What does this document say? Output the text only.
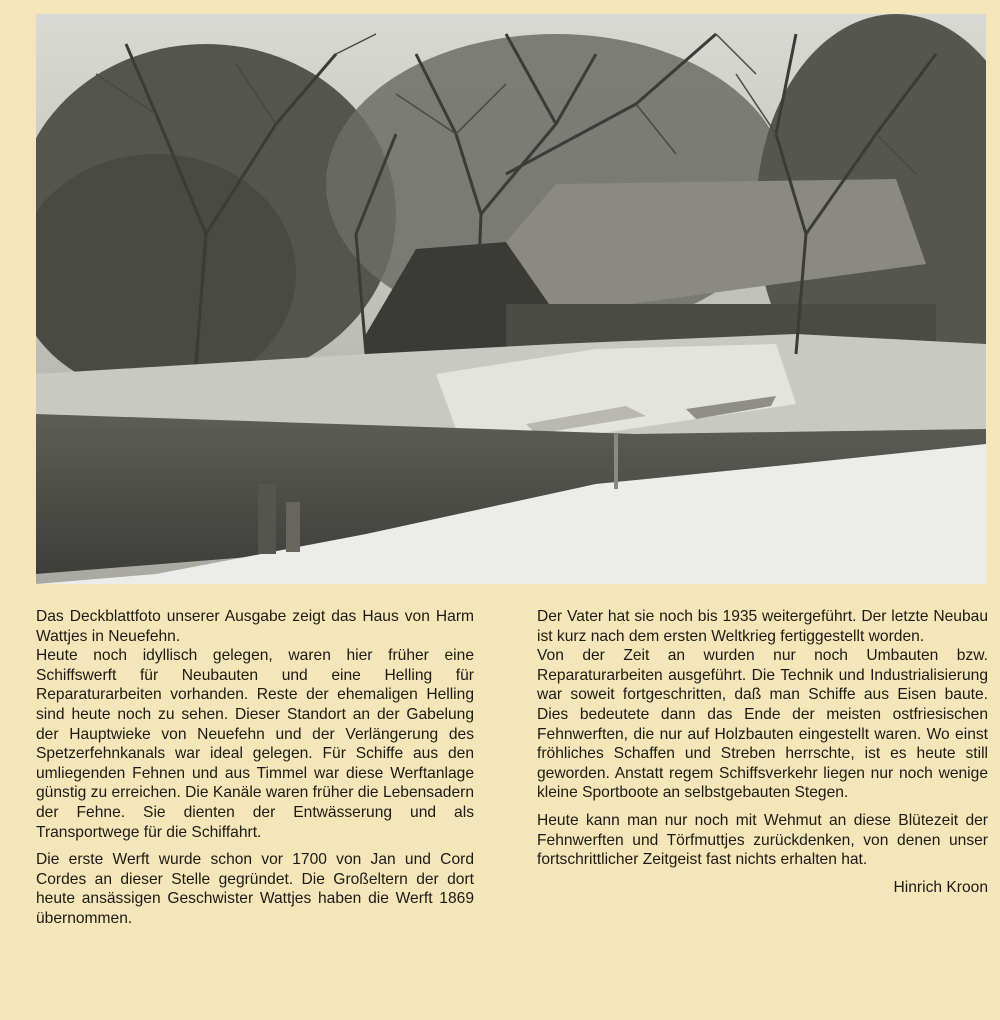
Das Deckblattfoto unserer Ausgabe zeigt das Haus von Harm Wattjes in Neuefehn.

Heute noch idyllisch gelegen, waren hier früher eine Schiffswerft für Neubauten und eine Helling für Reparaturarbeiten vorhanden. Reste der ehemaligen Helling sind heute noch zu sehen. Dieser Standort an der Gabelung der Hauptwieke von Neuefehn und der Verlängerung des Spetzerfehnkanals war ideal gelegen. Für Schiffe aus den umliegenden Fehnen und aus Timmel war diese Werftanlage günstig zu erreichen. Die Kanäle waren früher die Lebensadern der Fehne. Sie dienten der Entwässerung und als Transportwege für die Schiffahrt.

Die erste Werft wurde schon vor 1700 von Jan und Cord Cordes an dieser Stelle gegründet. Die Großeltern der dort heute ansässigen Geschwister Wattjes haben die Werft 1869 übernommen.

Der Vater hat sie noch bis 1935 weitergeführt. Der letzte Neubau ist kurz nach dem ersten Weltkrieg fertiggestellt worden.

Von der Zeit an wurden nur noch Umbauten bzw. Reparaturarbeiten ausgeführt. Die Technik und Industrialisierung war soweit fortgeschritten, daß man Schiffe aus Eisen baute. Dies bedeutete dann das Ende der meisten ostfriesischen Fehnwerften, die nur auf Holzbauten eingestellt waren. Wo einst fröhliches Schaffen und Streben herrschte, ist es heute still geworden. Anstatt regem Schiffsverkehr liegen nur noch wenige kleine Sportboote an selbstgebauten Stegen.

Heute kann man nur noch mit Wehmut an diese Blütezeit der Fehnwerften und Törfmuttjes zurückdenken, von denen unser fortschrittlicher Zeitgeist fast nichts erhalten hat.

Hinrich Kroon
